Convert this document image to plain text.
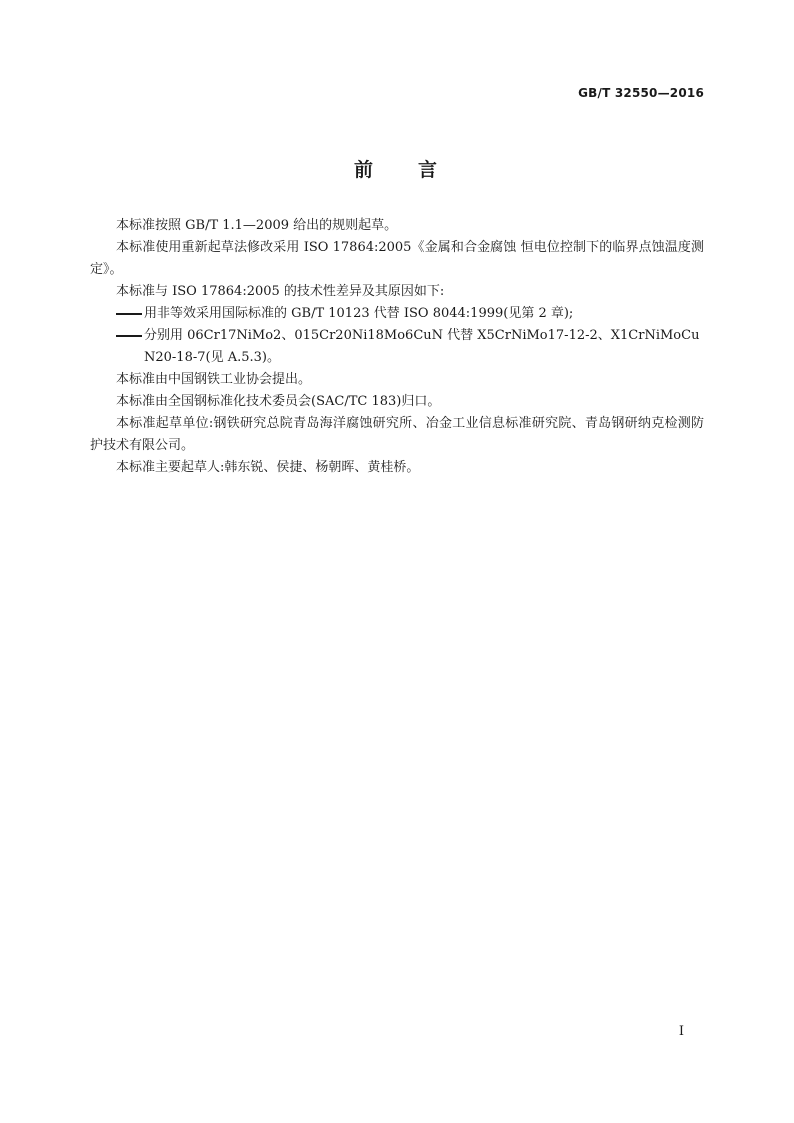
GB/T 32550—2016
前 言

本标准按照 GB/T 1.1—2009 给出的规则起草。

本标准使用重新起草法修改采用 ISO 17864:2005《金属和合金腐蚀 恒电位控制下的临界点蚀温度测定》。

本标准与 ISO 17864:2005 的技术性差异及其原因如下:

用非等效采用国际标准的 GB/T 10123 代替 ISO 8044:1999(见第 2 章);

分别用 06Cr17NiMo2、015Cr20Ni18Mo6CuN 代替 X5CrNiMo17-12-2、X1CrNiMoCuN20-18-7(见 A.5.3)。

本标准由中国钢铁工业协会提出。

本标准由全国钢标准化技术委员会(SAC/TC 183)归口。

本标准起草单位:钢铁研究总院青岛海洋腐蚀研究所、冶金工业信息标准研究院、青岛钢研纳克检测防护技术有限公司。

本标准主要起草人:韩东锐、侯捷、杨朝晖、黄桂桥。

I
